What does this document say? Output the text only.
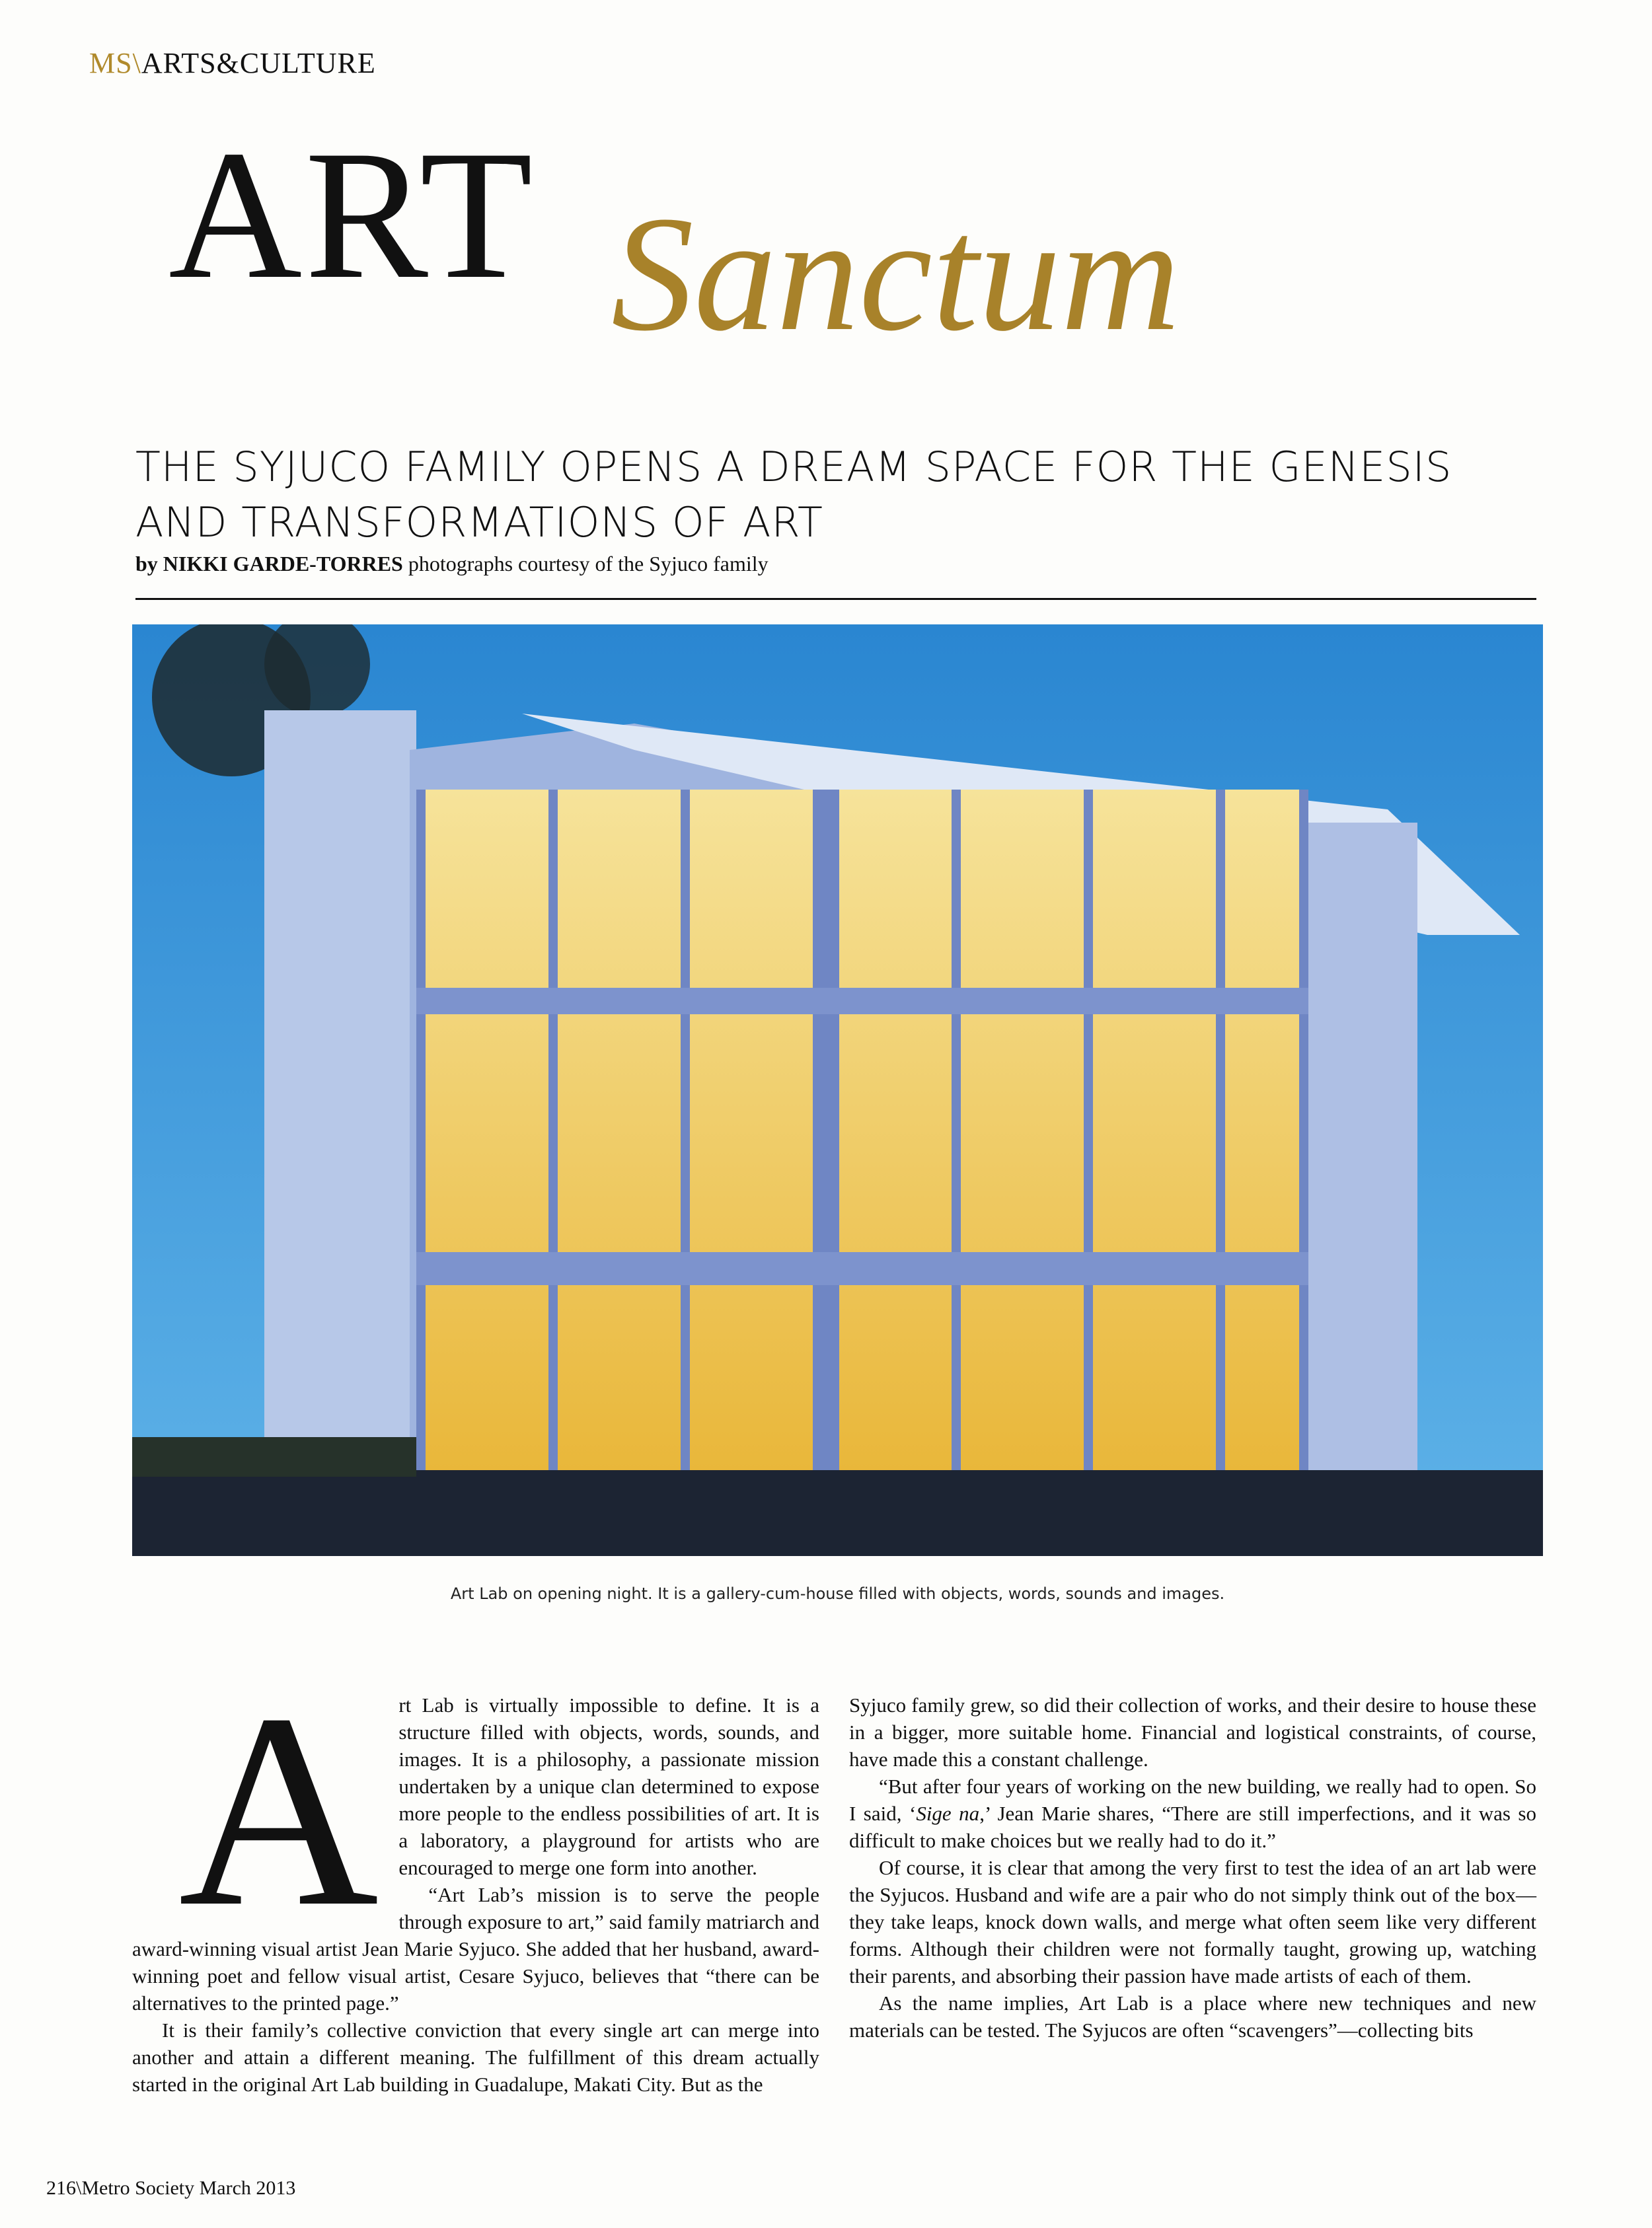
MS\ARTS&CULTURE
ART Sanctum
THE SYJUCO FAMILY OPENS A DREAM SPACE FOR THE GENESIS
AND TRANSFORMATIONS OF ART
by NIKKI GARDE-TORRES photographs courtesy of the Syjuco family
Art Lab on opening night. It is a gallery-cum-house filled with objects, words, sounds and images.

Art Lab is virtually impossible to define. It is a structure filled with objects, words, sounds, and images. It is a philosophy, a passionate mission undertaken by a unique clan determined to expose more people to the endless possibilities of art. It is a laboratory, a playground for artists who are encouraged to merge one form into another.

“Art Lab’s mission is to serve the people through exposure to art,” said family matriarch and award-winning visual artist Jean Marie Syjuco. She added that her husband, award-winning poet and fellow visual artist, Cesare Syjuco, believes that “there can be alternatives to the printed page.”

It is their family’s collective conviction that every single art can merge into another and attain a different meaning. The fulfillment of this dream actually started in the original Art Lab building in Guadalupe, Makati City. But as the

Syjuco family grew, so did their collection of works, and their desire to house these in a bigger, more suitable home. Financial and logistical constraints, of course, have made this a constant challenge.

“But after four years of working on the new building, we really had to open. So I said, ‘Sige na,’ Jean Marie shares, “There are still imperfections, and it was so difficult to make choices but we really had to do it.”

Of course, it is clear that among the very first to test the idea of an art lab were the Syjucos. Husband and wife are a pair who do not simply think out of the box—they take leaps, knock down walls, and merge what often seem like very different forms. Although their children were not formally taught, growing up, watching their parents, and absorbing their passion have made artists of each of them.

As the name implies, Art Lab is a place where new techniques and new materials can be tested. The Syjucos are often “scavengers”—collecting bits

216\Metro Society March 2013
